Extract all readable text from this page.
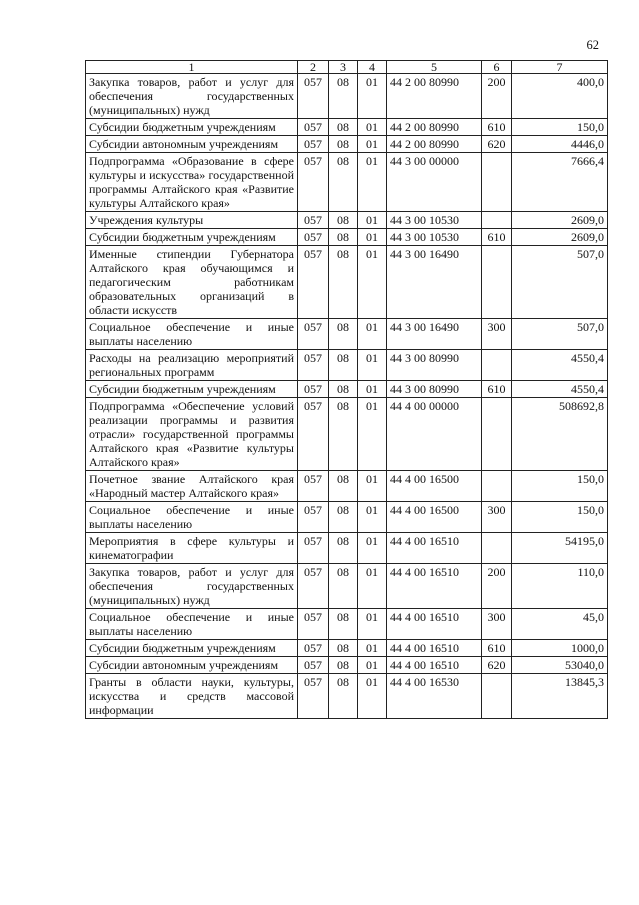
62
1	2	3	4	5	6	7
Закупка товаров, работ и услуг для обеспечения государственных (муниципальных) нужд	057	08	01	44 2 00 80990	200	400,0
Субсидии бюджетным учреждениям	057	08	01	44 2 00 80990	610	150,0
Субсидии автономным учреждениям	057	08	01	44 2 00 80990	620	4446,0
Подпрограмма «Образование в сфере культуры и искусства» государственной программы Алтайского края «Развитие культуры Алтайского края»	057	08	01	44 3 00 00000		7666,4
Учреждения культуры	057	08	01	44 3 00 10530		2609,0
Субсидии бюджетным учреждениям	057	08	01	44 3 00 10530	610	2609,0
Именные стипендии Губернатора Алтайского края обучающимся и педагогическим работникам образовательных организаций в области искусств	057	08	01	44 3 00 16490		507,0
Социальное обеспечение и иные выплаты населению	057	08	01	44 3 00 16490	300	507,0
Расходы на реализацию мероприятий региональных программ	057	08	01	44 3 00 80990		4550,4
Субсидии бюджетным учреждениям	057	08	01	44 3 00 80990	610	4550,4
Подпрограмма «Обеспечение условий реализации программы и развития отрасли» государственной программы Алтайского края «Развитие культуры Алтайского края»	057	08	01	44 4 00 00000		508692,8
Почетное звание Алтайского края «Народный мастер Алтайского края»	057	08	01	44 4 00 16500		150,0
Социальное обеспечение и иные выплаты населению	057	08	01	44 4 00 16500	300	150,0
Мероприятия в сфере культуры и кинематографии	057	08	01	44 4 00 16510		54195,0
Закупка товаров, работ и услуг для обеспечения государственных (муниципальных) нужд	057	08	01	44 4 00 16510	200	110,0
Социальное обеспечение и иные выплаты населению	057	08	01	44 4 00 16510	300	45,0
Субсидии бюджетным учреждениям	057	08	01	44 4 00 16510	610	1000,0
Субсидии автономным учреждениям	057	08	01	44 4 00 16510	620	53040,0
Гранты в области науки, культуры, искусства и средств массовой информации	057	08	01	44 4 00 16530		13845,3
